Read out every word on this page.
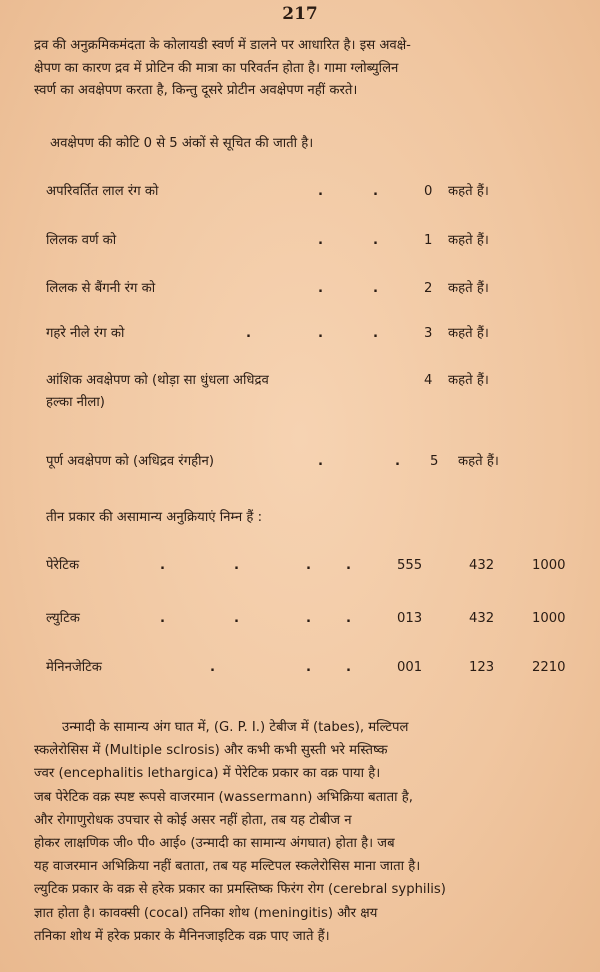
217

द्रव की अनुक्रमिकमंदता के कोलायडी स्वर्ण में डालने पर आधारित है। इस अवक्षे-

क्षेपण का कारण द्रव में प्रोटिन की मात्रा का परिवर्तन होता है। गामा ग्लोब्युलिन

स्वर्ण का अवक्षेपण करता है, किन्तु दूसरे प्रोटीन अवक्षेपण नहीं करते।

अवक्षेपण की कोटि 0 से 5 अंकों से सूचित की जाती है।

अपरिवर्तित लाल रंग को	.	.	0 कहते हैं।
लिलक वर्ण को	.	.	1 कहते हैं।
लिलक से बैंगनी रंग को	.	.	2 कहते हैं।
गहरे नीले रंग को	.	.	.	3 कहते हैं।
आंशिक अवक्षेपण को (थोड़ा सा धुंधला अधिद्रव	4 कहते हैं।
हल्का नीला)
पूर्ण अवक्षेपण को (अधिद्रव रंगहीन)	.	. 5 कहते हैं।

तीन प्रकार की असामान्य अनुक्रियाएं निम्न हैं :

पेरेटिक	.	.	.	.	555	432	1000
ल्युटिक	.	.	.	.	013	432	1000
मेनिनजेटिक	.	.	.	001	123	2210

उन्मादी के सामान्य अंग घात में, (G. P. I.) टेबीज में (tabes), मल्टिपल

स्कलेरोसिस में (Multiple sclrosis) और कभी कभी सुस्ती भरे मस्तिष्क

ज्वर (encephalitis lethargica) में पेरेटिक प्रकार का वक्र पाया है।

जब पेरेटिक वक्र स्पष्ट रूपसे वाजरमान (wassermann) अभिक्रिया बताता है,

और रोगाणुरोधक उपचार से कोई असर नहीं होता, तब यह टोबीज न

होकर लाक्षणिक जी० पी० आई० (उन्मादी का सामान्य अंगघात) होता है। जब

यह वाजरमान अभिक्रिया नहीं बताता, तब यह मल्टिपल स्कलेरोसिस माना जाता है।

ल्युटिक प्रकार के वक्र से हरेक प्रकार का प्रमस्तिष्क फिरंग रोग (cerebral syphilis)

ज्ञात होता है। कावक्सी (cocal) तनिका शोथ (meningitis) और क्षय

तनिका शोथ में हरेक प्रकार के मैनिनजाइटिक वक्र पाए जाते हैं।
